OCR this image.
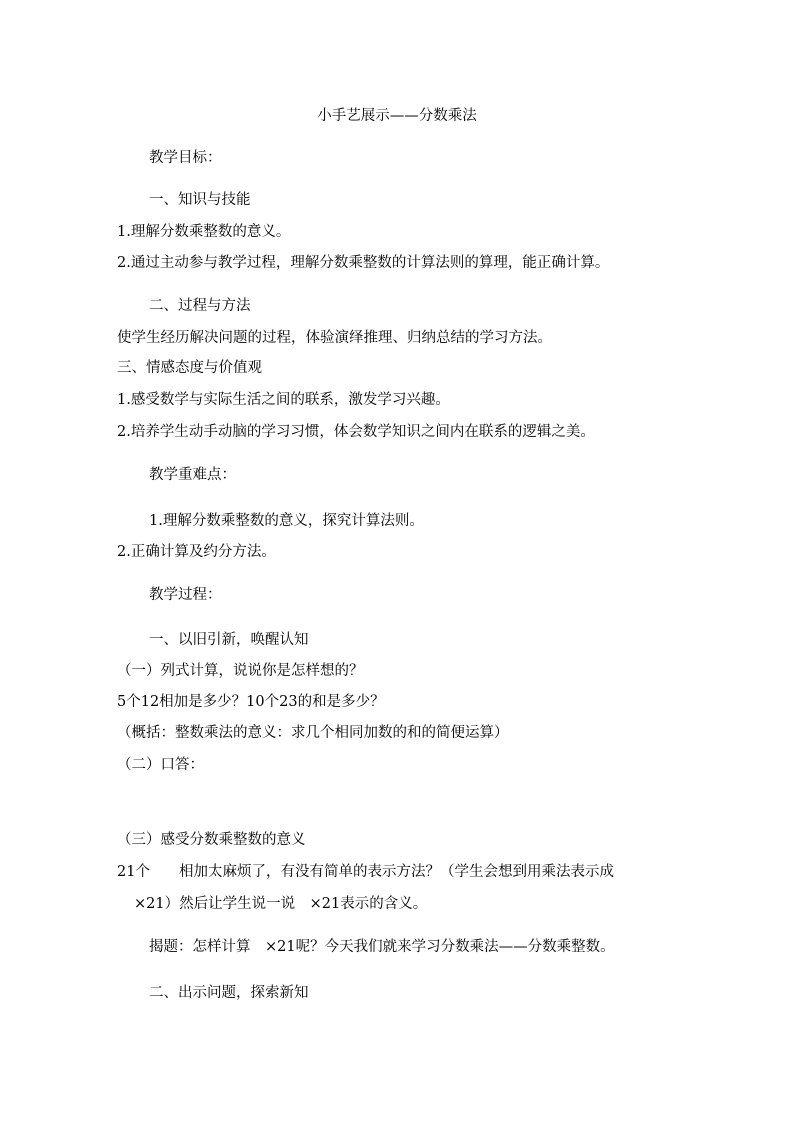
小手艺展示——分数乘法
教学目标：
一、知识与技能
1.理解分数乘整数的意义。
2.通过主动参与教学过程，理解分数乘整数的计算法则的算理，能正确计算。
二、过程与方法
使学生经历解决问题的过程，体验演绎推理、归纳总结的学习方法。
三、情感态度与价值观
1.感受数学与实际生活之间的联系，激发学习兴趣。
2.培养学生动手动脑的学习习惯，体会数学知识之间内在联系的逻辑之美。
教学重难点：
1.理解分数乘整数的意义，探究计算法则。
2.正确计算及约分方法。
教学过程：
一、以旧引新，唤醒认知
（一）列式计算，说说你是怎样想的？
5个12相加是多少？10个23的和是多少？
（概括：整数乘法的意义：求几个相同加数的和的简便运算）
（二）口答：
（三）感受分数乘整数的意义
21个　　相加太麻烦了，有没有简单的表示方法？（学生会想到用乘法表示成
×21）然后让学生说一说　×21表示的含义。
揭题：怎样计算　×21呢？今天我们就来学习分数乘法——分数乘整数。
二、出示问题，探索新知
